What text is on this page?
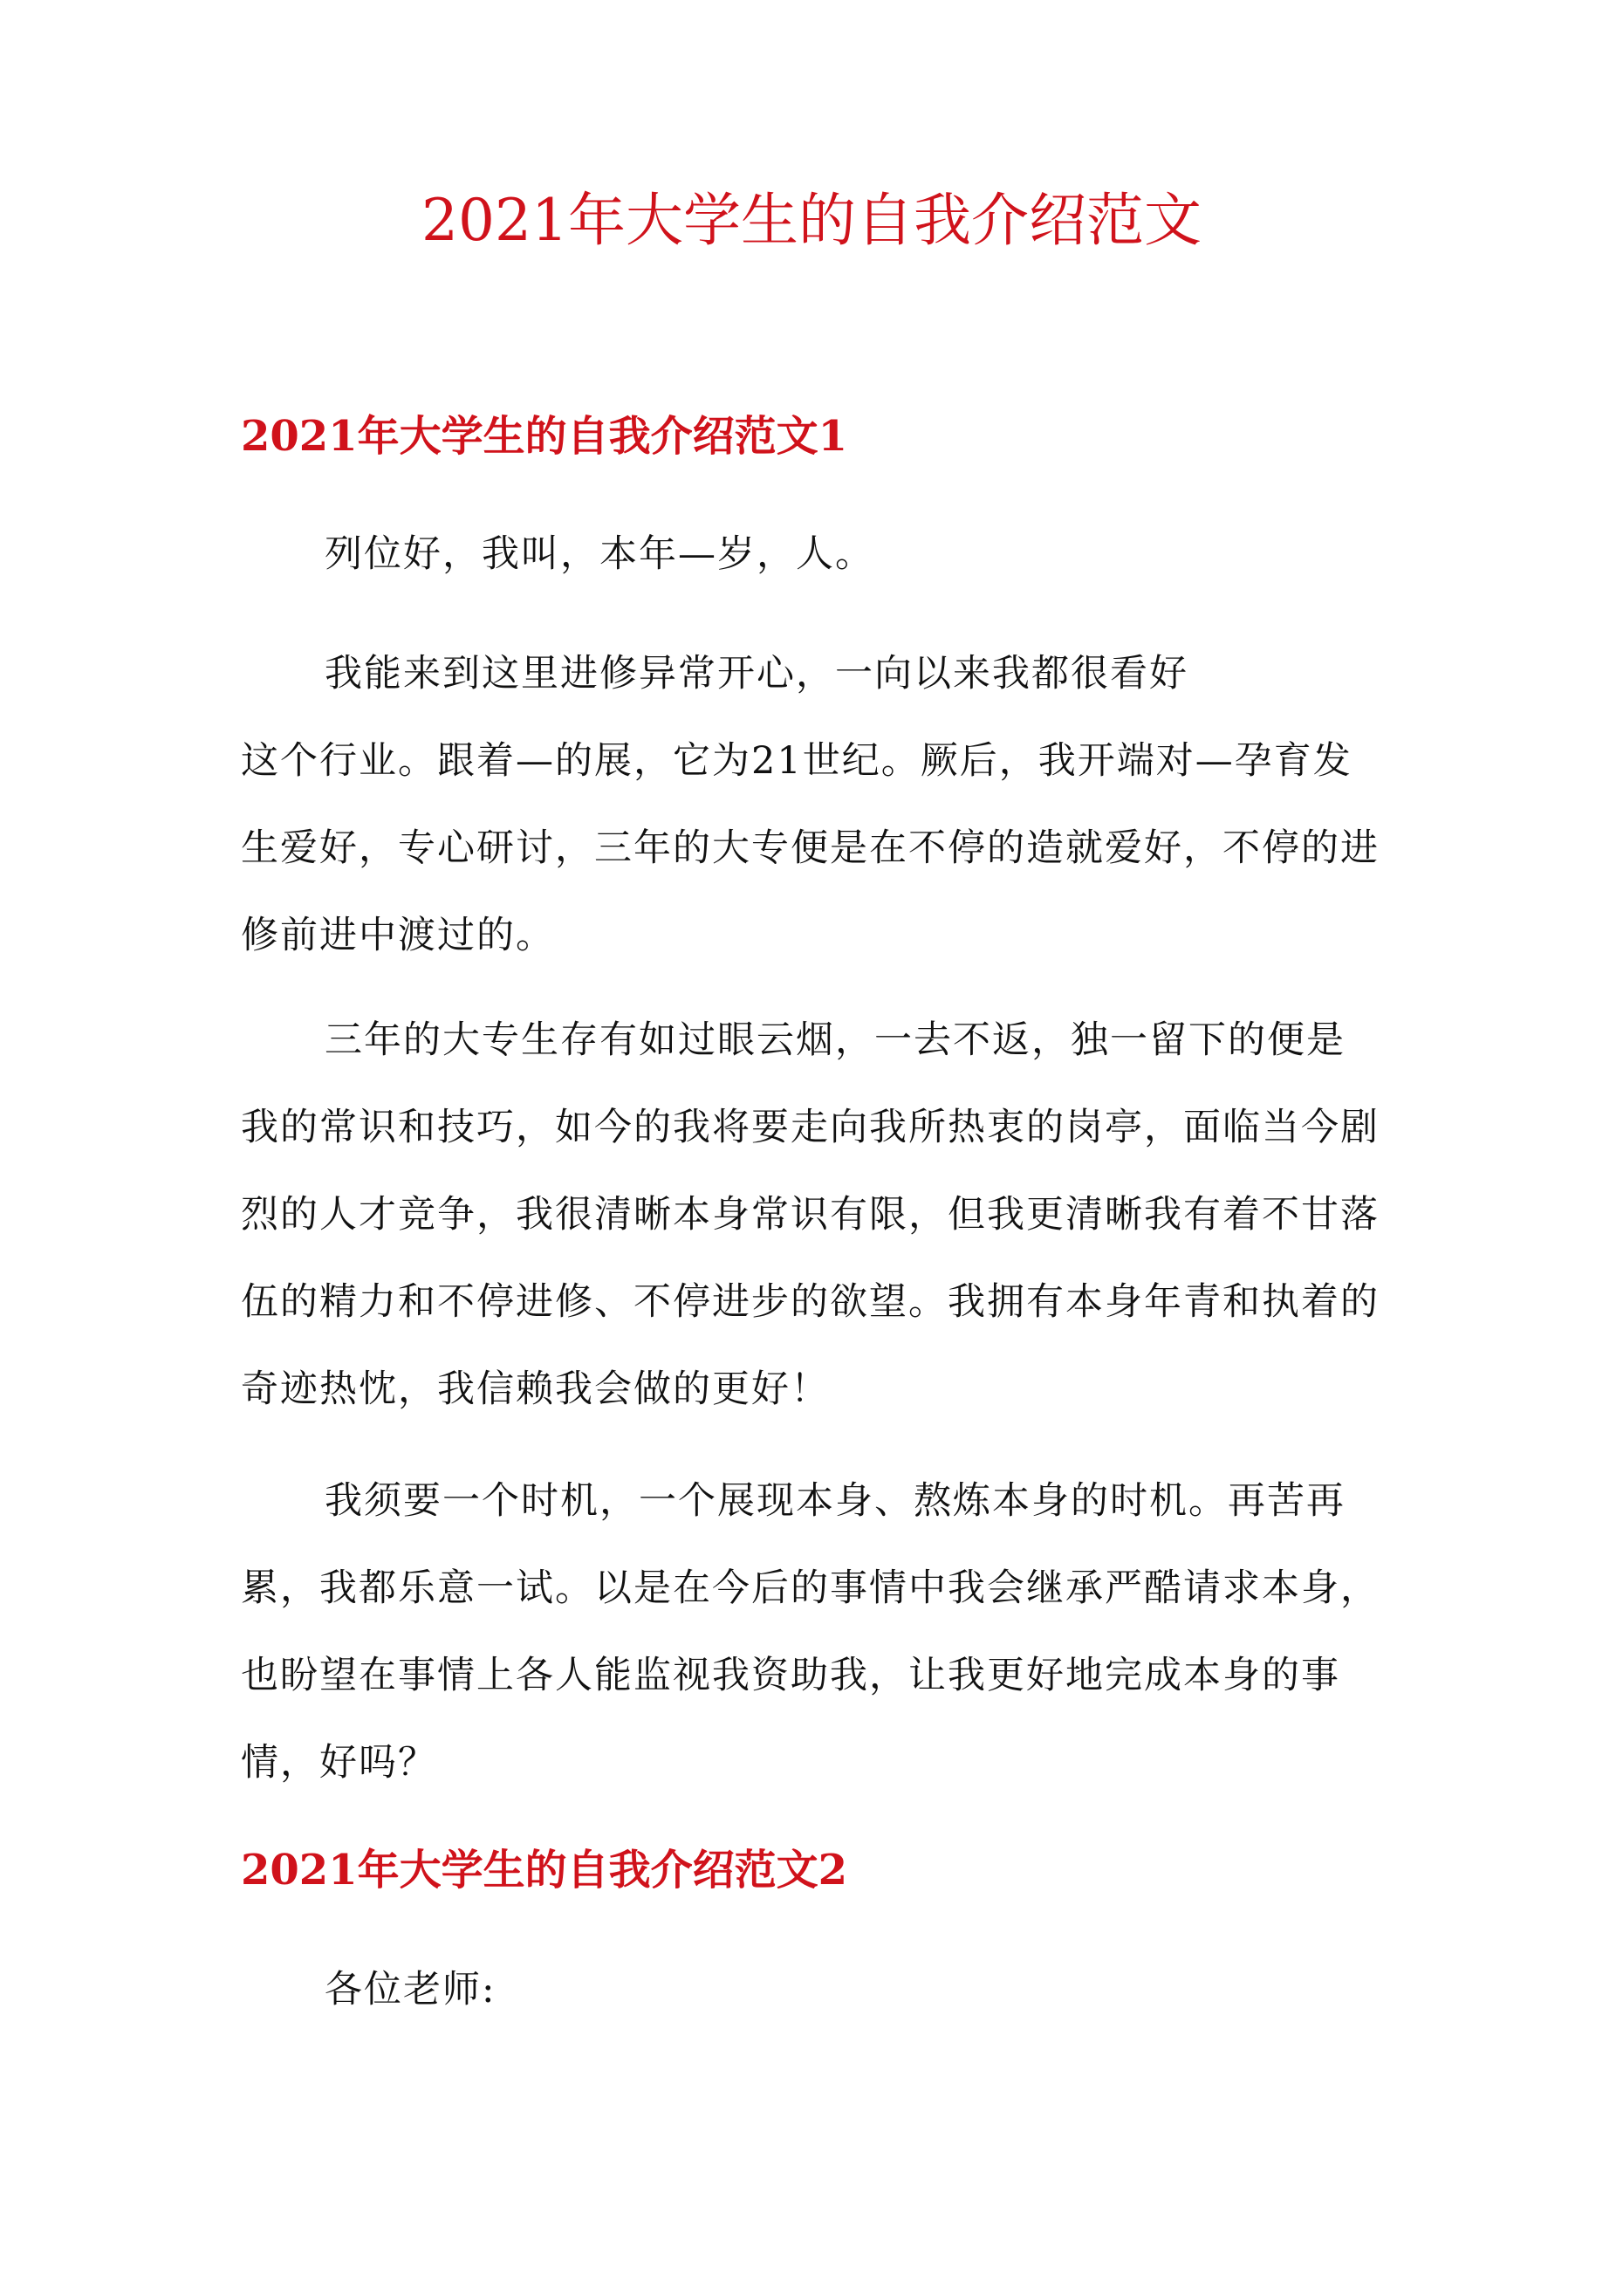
2021年大学生的自我介绍范文
2021年大学生的自我介绍范文1

列位好，我叫，本年—岁，人。

我能来到这里进修异常开心，一向以来我都很看好
这个行业。跟着—的展，它为21世纪。厥后，我开端对—孕育发
生爱好，专心研讨，三年的大专便是在不停的造就爱好，不停的进
修前进中渡过的。

三年的大专生存有如过眼云烟，一去不返，独一留下的便是
我的常识和技巧，如今的我将要走向我所热衷的岗亭，面临当今剧
烈的人才竞争，我很清晰本身常识有限，但我更清晰我有着不甘落
伍的精力和不停进修、不停进步的欲望。我拥有本身年青和执着的
奇迹热忱，我信赖我会做的更好！

我须要一个时机，一个展现本身、熬炼本身的时机。再苦再
累，我都乐意一试。以是在今后的事情中我会继承严酷请求本身，
也盼望在事情上各人能监视我资助我，让我更好地完成本身的事
情，好吗？

2021年大学生的自我介绍范文2

各位老师:
